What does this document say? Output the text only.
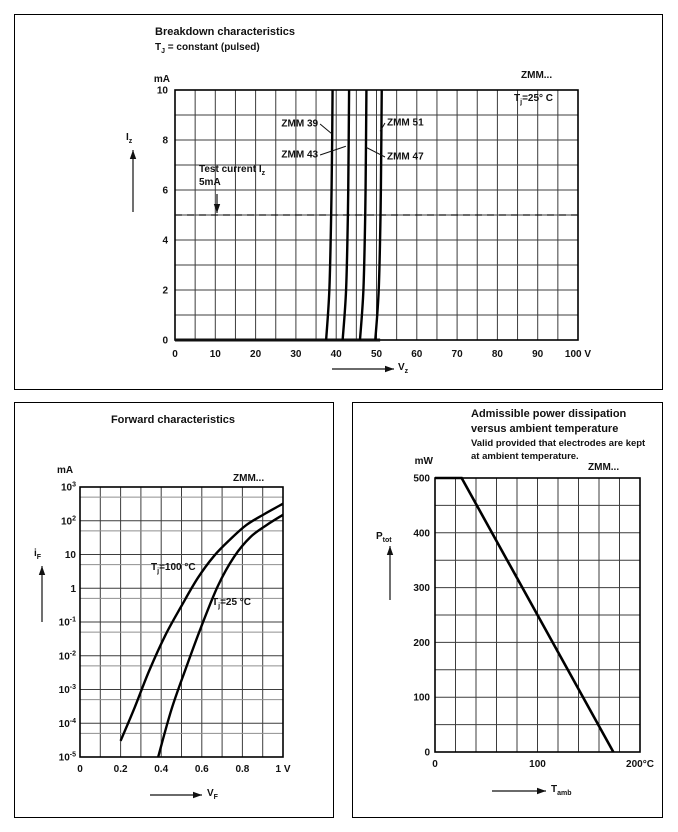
ZMM 39
ZMM 43
ZMM 51
ZMM 47
0	10	20	30	40	50	60	70	80	90 100 V
0
2
4
6
8
10
0	0.2	0.4	0.6	0.8	1 V
$10^3$
$10^2$
10
1
$10^{-1}$
$10^{-2}$
$10^{-3}$
$10^{-4}$
$10^{-5}$
0	100	200°C
0
100
200
300
400
500
Breakdown characteristics
$T_J$ = constant (pulsed)
ZMM...
$T_j=25^\circ$ C
mA
$I_z$
Test current $I_z$
5mA
$V_z$
Forward characteristics
mA
ZMM...
$i_F$
$T_j=100$ °C
$T_j=25$ °C
$V_F$
Admissible power dissipation
versus ambient temperature
Valid provided that electrodes are kept
at ambient temperature.
mW
ZMM...
$P_{tot}$
$T_{amb}$
